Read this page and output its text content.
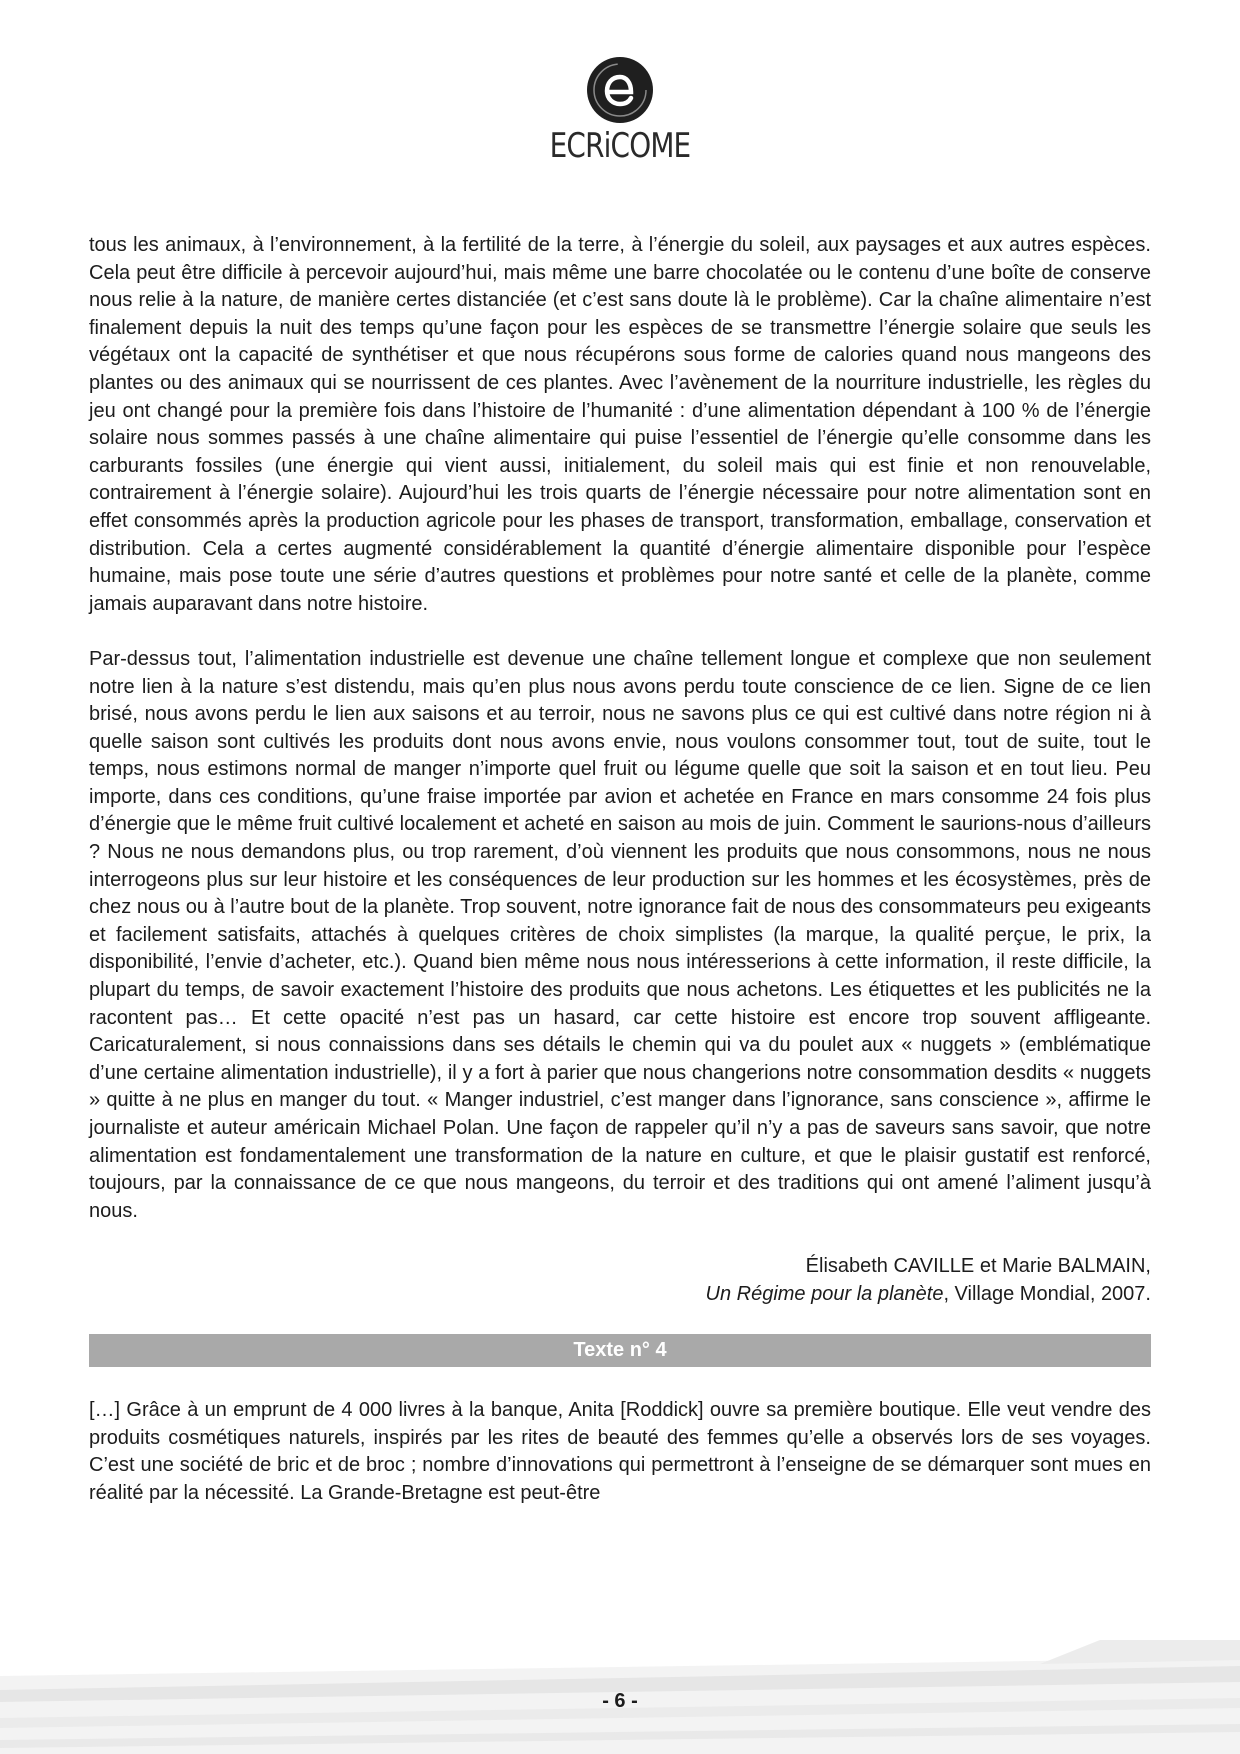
ECRiCOME

tous les animaux, à l’environnement, à la fertilité de la terre, à l’énergie du soleil, aux paysages et aux autres espèces. Cela peut être difficile à percevoir aujourd’hui, mais même une barre chocolatée ou le contenu d’une boîte de conserve nous relie à la nature, de manière certes distanciée (et c’est sans doute là le problème). Car la chaîne alimentaire n’est finalement depuis la nuit des temps qu’une façon pour les espèces de se transmettre l’énergie solaire que seuls les végétaux ont la capacité de synthétiser et que nous récupérons sous forme de calories quand nous mangeons des plantes ou des animaux qui se nourrissent de ces plantes. Avec l’avènement de la nourriture industrielle, les règles du jeu ont changé pour la première fois dans l’histoire de l’humanité : d’une alimentation dépendant à 100 % de l’énergie solaire nous sommes passés à une chaîne alimentaire qui puise l’essentiel de l’énergie qu’elle consomme dans les carburants fossiles (une énergie qui vient aussi, initialement, du soleil mais qui est finie et non renouvelable, contrairement à l’énergie solaire). Aujourd’hui les trois quarts de l’énergie nécessaire pour notre alimentation sont en effet consommés après la production agricole pour les phases de transport, transformation, emballage, conservation et distribution. Cela a certes augmenté considérablement la quantité d’énergie alimentaire disponible pour l’espèce humaine, mais pose toute une série d’autres questions et problèmes pour notre santé et celle de la planète, comme jamais auparavant dans notre histoire.

Par-dessus tout, l’alimentation industrielle est devenue une chaîne tellement longue et complexe que non seulement notre lien à la nature s’est distendu, mais qu’en plus nous avons perdu toute conscience de ce lien. Signe de ce lien brisé, nous avons perdu le lien aux saisons et au terroir, nous ne savons plus ce qui est cultivé dans notre région ni à quelle saison sont cultivés les produits dont nous avons envie, nous voulons consommer tout, tout de suite, tout le temps, nous estimons normal de manger n’importe quel fruit ou légume quelle que soit la saison et en tout lieu. Peu importe, dans ces conditions, qu’une fraise importée par avion et achetée en France en mars consomme 24 fois plus d’énergie que le même fruit cultivé localement et acheté en saison au mois de juin. Comment le saurions-nous d’ailleurs ? Nous ne nous demandons plus, ou trop rarement, d’où viennent les produits que nous consommons, nous ne nous interrogeons plus sur leur histoire et les conséquences de leur production sur les hommes et les écosystèmes, près de chez nous ou à l’autre bout de la planète. Trop souvent, notre ignorance fait de nous des consommateurs peu exigeants et facilement satisfaits, attachés à quelques critères de choix simplistes (la marque, la qualité perçue, le prix, la disponibilité, l’envie d’acheter, etc.). Quand bien même nous nous intéresserions à cette information, il reste difficile, la plupart du temps, de savoir exactement l’histoire des produits que nous achetons. Les étiquettes et les publicités ne la racontent pas… Et cette opacité n’est pas un hasard, car cette histoire est encore trop souvent affligeante. Caricaturalement, si nous connaissions dans ses détails le chemin qui va du poulet aux « nuggets » (emblématique d’une certaine alimentation industrielle), il y a fort à parier que nous changerions notre consommation desdits « nuggets » quitte à ne plus en manger du tout. « Manger industriel, c’est manger dans l’ignorance, sans conscience », affirme le journaliste et auteur américain Michael Polan. Une façon de rappeler qu’il n’y a pas de saveurs sans savoir, que notre alimentation est fondamentalement une transformation de la nature en culture, et que le plaisir gustatif est renforcé, toujours, par la connaissance de ce que nous mangeons, du terroir et des traditions qui ont amené l’aliment jusqu’à nous.

Élisabeth CAVILLE et Marie BALMAIN,

Un Régime pour la planète, Village Mondial, 2007.

Texte n° 4

[…] Grâce à un emprunt de 4 000 livres à la banque, Anita [Roddick] ouvre sa première boutique. Elle veut vendre des produits cosmétiques naturels, inspirés par les rites de beauté des femmes qu’elle a observés lors de ses voyages. C’est une société de bric et de broc ; nombre d’innovations qui permettront à l’enseigne de se démarquer sont mues en réalité par la nécessité. La Grande-Bretagne est peut-être

- 6 -
